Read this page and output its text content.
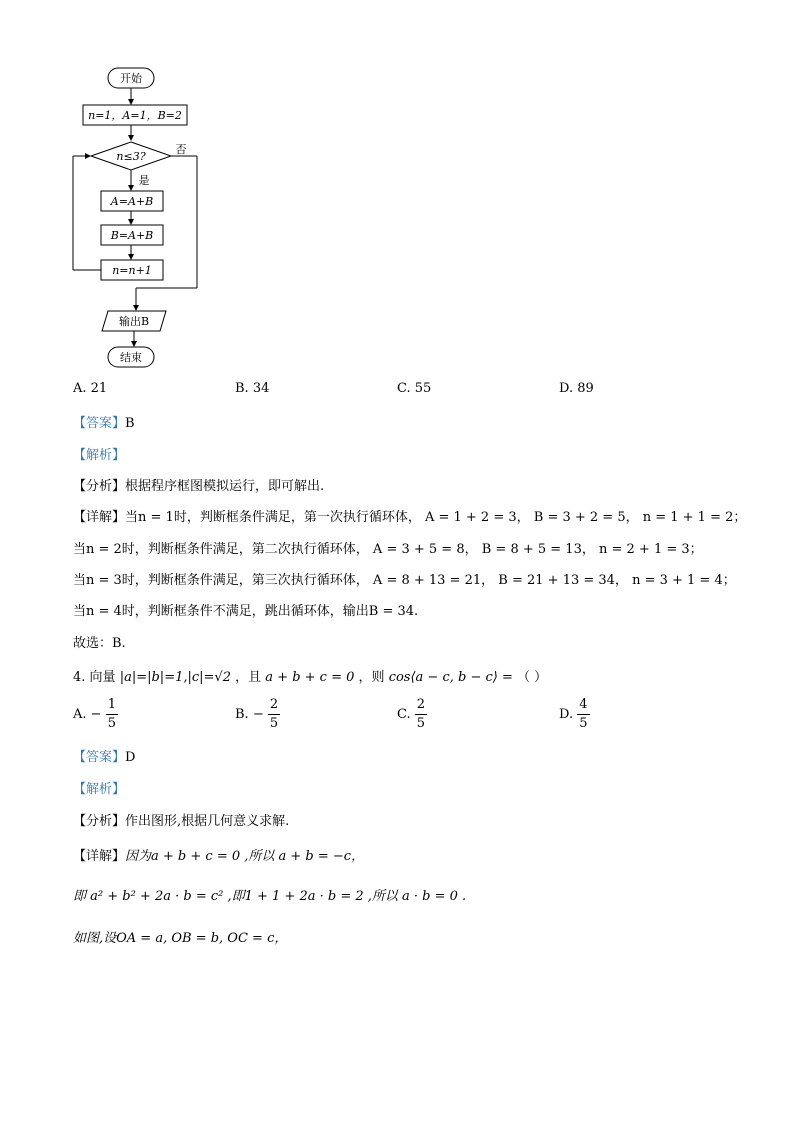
开始
n=1，A=1，B=2
n≤3?
否
是
A=A+B
B=A+B
n=n+1
输出B
结束
A. 21	B. 34	C. 55	D. 89
【答案】B
【解析】
【分析】根据程序框图模拟运行，即可解出.
【详解】当n = 1时，判断框条件满足，第一次执行循环体， A = 1 + 2 = 3， B = 3 + 2 = 5， n = 1 + 1 = 2；
当n = 2时，判断框条件满足，第二次执行循环体， A = 3 + 5 = 8， B = 8 + 5 = 13， n = 2 + 1 = 3；
当n = 3时，判断框条件满足，第三次执行循环体， A = 8 + 13 = 21， B = 21 + 13 = 34， n = 3 + 1 = 4；
当n = 4时，判断框条件不满足，跳出循环体，输出B = 34.
故选：B.
4. 向量 |a|=|b|=1,|c|=√2 ，且 a + b + c = 0 ，则 cos⟨a − c, b − c⟩ = （ ）
A. − $\frac{1}{5}$	B. − $\frac{2}{5}$	C. $\frac{2}{5}$	D. $\frac{4}{5}$
【答案】D
【解析】
【分析】作出图形,根据几何意义求解.
【详解】因为a + b + c = 0 ,所以 a + b = −c，
即 a² + b² + 2a · b = c² ,即1 + 1 + 2a · b = 2 ,所以 a · b = 0 .
如图,设OA = a, OB = b, OC = c，
